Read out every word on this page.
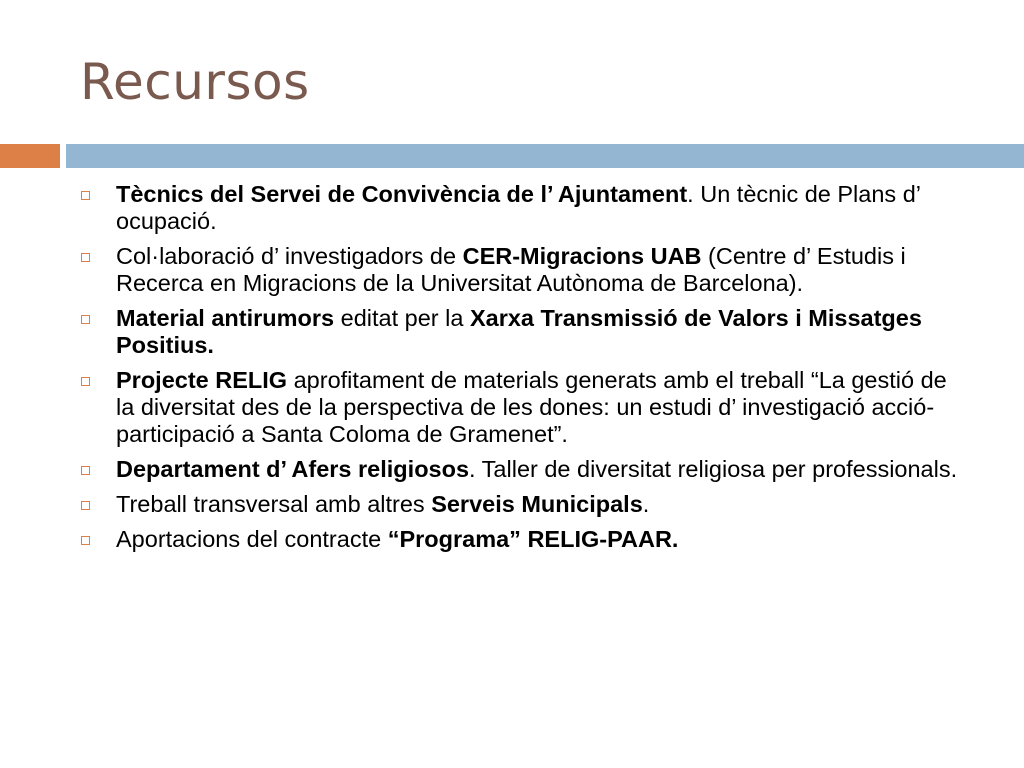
Recursos
Tècnics del Servei de Convivència de l’ Ajuntament. Un tècnic de Plans d’ ocupació.
Col·laboració d’ investigadors de CER-Migracions UAB (Centre d’ Estudis i Recerca en Migracions de la Universitat Autònoma de Barcelona).
Material antirumors editat per la Xarxa Transmissió de Valors i Missatges Positius.
Projecte RELIG aprofitament de materials generats amb el treball “La gestió de la diversitat des de la perspectiva de les dones: un estudi d’ investigació acció- participació a Santa Coloma de Gramenet”.
Departament d’ Afers religiosos. Taller de diversitat religiosa per professionals.
Treball transversal amb altres Serveis Municipals.
Aportacions del contracte “Programa” RELIG-PAAR.
